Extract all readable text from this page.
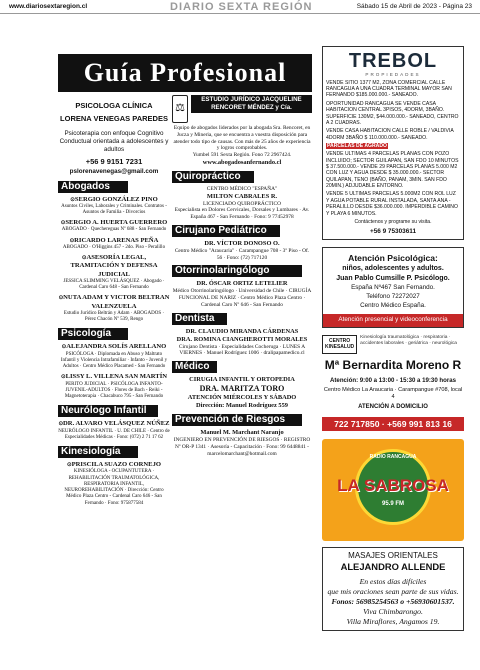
www.diariosextaregion.cl	DIARIO SEXTA REGIÓN	Sábado 15 de Abril de 2023 - Página 23
Guía Profesional
PSICOLOGA CLÍNICA
LORENA VENEGAS PAREDES
Psicoterapia con enfoque Cognitivo Conductual orientada a adolescentes y adultos
+56 9 9151 7231
pslorenavenegas@gmail.com
Abogados
⊙ SERGIO GONZÁLEZ PINO
Asuntos Civiles, Laborales y Criminales. Contratos - Asuntos de Familia - Divorcios
⊙ SERGIO A. HUERTA GUERRERO
ABOGADO · Quechereguas Nº 688 - San Fernando
⊙ RICARDO LARENAS PEÑA
ABOGADO · O'Higgins 457 - 2do. Piso - Peralillo
⊙ ASESORÍA LEGAL, TRAMITACIÓN Y DEFENSA JUDICIAL
JESSICA SLIMMING VELÁSQUEZ · Abogado · Cardenal Caro 648 - San Fernando
⊙ NUTA ADAM Y VICTOR BELTRAN VALENZUELA
Estudio Jurídico Beltrán y Adam · ABOGADOS · Pérez Chacón Nº 539, Rengo
Psicología
⊙ ALEJANDRA SOLÍS ARELLANO
PSICÓLOGA · Diplomada en Abuso y Maltrato Infantil y Violencia Intrafamiliar · Infanto - Juvenil y Adultos · Centro Médico Placamed - San Fernando
⊙ LISSY L. VILLENA SAN MARTÍN
PERITO JUDICIAL · PSICÓLOGA INFANTO-JUVENIL-ADULTOS · Flores de Bach - Reiki - Magnetoterapia · Chacabuco 795 - San Fernando
Neurólogo Infantil
⊙ DR. ALVARO VELÁSQUEZ NÚÑEZ
NEURÓLOGO INFANTIL · U. DE CHILE · Centro de Especialidades Médicas · Fono: (072) 2 71 17 62
Kinesiología
⊙ PRISCILA SUAZO CORNEJO
KINESIÓLOGA - OCUPANTUTERA · REHABILITACIÓN TRAUMATOLÓGICA, RESPIRATORIA INFANTIL, NEUROREHABILITACIÓN · Dirección: Centro Médico Plaza Centro - Cardenal Caro 646 - San Fernando · Fono: 975877584
⚖
ESTUDIO JURÍDICO JACQUELINE RENCORET MÉNDEZ y Cía.
Equipo de abogados liderados por la abogada Sra. Rencoret, en Jucza y Mineria, que se encuentra a vuestra disposición para atender todo tipo de causas. Con más de 25 años de experiencia y logros comprobables.
Yumbel 591 Sexta Región. Fono 72 2967424.
www.abogadosanfernando.cl
Quiropráctico
CENTRO MÉDICO "ESPAÑA"
MILTON CABRALES R.
LICENCIADO QUIROPRÁCTICO
Especialista en Dolores Cervicales, Dorsales y Lumbares · Av. España 467 - San Fernando · Fono: 9 77452978
Cirujano Pediátrico
DR. VÍCTOR DONOSO O.
Centro Médico "Araucaria" · Carampangue 708 - 3º Piso - Of. 56 · Fono: (72) 717120
Otorrinolaringólogo
DR. ÓSCAR ORTIZ LETELIER
Médico Otorrinolaringólogo · Universidad de Chile · CIRUGÍA FUNCIONAL DE NARIZ · Centro Médico Plaza Centro · Cardenal Caro Nº 646 - San Fernando
Dentista
DR. CLAUDIO MIRANDA CÁRDENAS
DRA. ROMINA CIANGHEROTTI MORALES
Cirujano Dentista · Especialidades Cocheruga · LUNES A VIERNES · Manuel Rodríguez 1006 · dralipapamedico.cl
Médico
CIRUGIA INFANTIL Y ORTOPEDIA
DRA. MARITZA TORO
ATENCIÓN MIÉRCOLES Y SÁBADO
Dirección: Manuel Rodríguez 559
Prevención de Riesgos
Manuel M. Marchant Naranjo
INGENIERO EN PREVENCIÓN DE RIESGOS · REGISTRO Nº OR-P 1341 · Asesoría - Capacitación · Fono: 99 6448841 - marcelomarchant@hotmail.com
TREBOL
PROPIEDADES

VENDE SITIO 1377 M2, ZONA COMERCIAL CALLE RANCAGUA A UNA CUADRA TERMINAL MAYOR SAN FERNANDO $185.000.000.- SANEADO.

OPORTUNIDAD RANCAGUA SE VENDE CASA HABITACION CENTRAL 3PISOS, 4DORM, 3BAÑO. SUPERFICIE 130M2, $44.000.000.- SANEADO, CENTRO A 2 CUADRAS.

VENDE CASA HABITACION CALLE ROBLE / VALDIVIA 4DORM 3BAÑO $ 110.000.000.- SANEADO.

PARCELAS DE AGRADO

VENDE ULTIMAS 4 PARCELAS PLANAS CON POZO INCLUIDO; SECTOR GUILAPAN, SAN FDO 10 MINUTOS $ 37.500.000.- VENDE 29 PARCELAS PLANAS 5.000 M2 CON LUZ Y AGUA DESDE $ 35.000.000.- SECTOR QUILAPAN, TENO (BAÑO, PANAM, 3MIN. SAN FDO 20MIN.) ADJUDABLE ENTORNO.

VENDE 5 ULTIMAS PARCELAS 5.000M2 CON ROL LUZ Y AGUA POTABLE RURAL INSTALADA, SANTA ANA - PERALILLO DESDE $36.000.000. IMPERDIBLE CAMINO Y PLAYA 6 MINUTOS.

Contáctenos y programe su visita.

+56 9 75303611
Atención Psicológica:
niños, adolescentes y adultos.
Juan Pablo Cumsille P. Psicólogo.
España Nº467 San Fernando.
Teléfono 72272027
Centro Médico España.
Atención presencial y videoconferencia
CENTRO KINESALUD
Kinesiología traumatológica · respiratoria · accidentes laborales · geriátrica · neurológica
Mª Bernardita Moreno R
Atención: 9:00 a 13:00 - 15:30 a 19:30 horas
Centro Médico La Araucaria · Carampangue #708, local 4
ATENCIÓN A DOMICILIO
722 717850 · +569 991 813 16
RADIO RANCAGUA
LA SABROSA
95.9 FM
MASAJES ORIENTALES
ALEJANDRO ALLENDE
En estos días difíciles
que mis oraciones sean parte de sus vidas.
Fonos: 56985254563 o +56930601537.
Viva Chimbarongo.
Villa Miraflores, Angamos 19.
